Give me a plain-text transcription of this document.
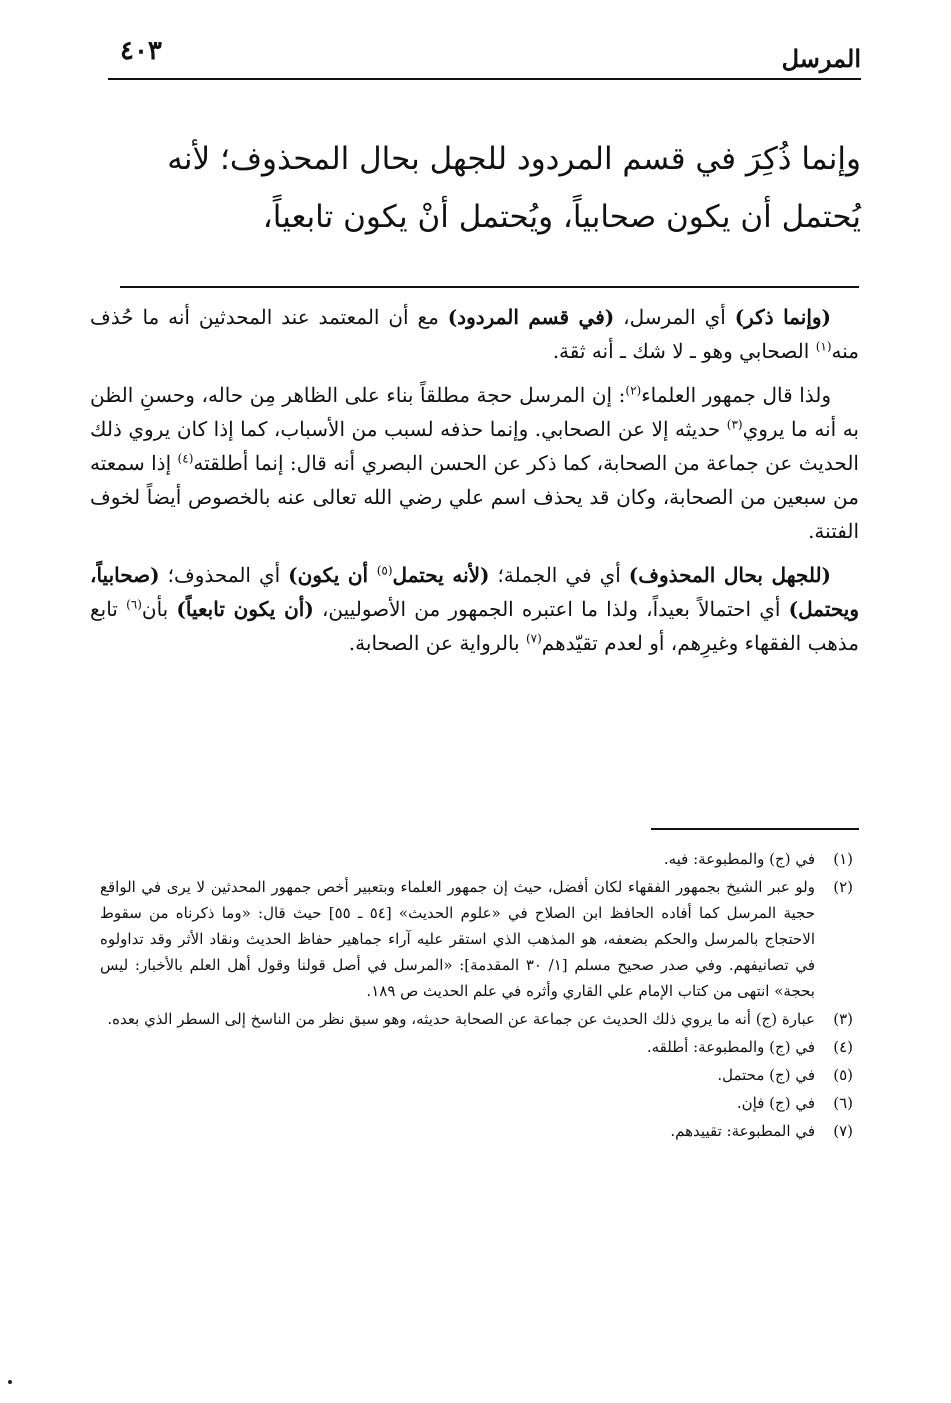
المرسل
٤٠٣

وإنما ذُكِرَ في قسم المردود للجهل بحال المحذوف؛ لأنه

يُحتمل أن يكون صحابياً، ويُحتمل أنْ يكون تابعياً،

(وإنما ذكر) أي المرسل، (في قسم المردود) مع أن المعتمد عند المحدثين أنه ما حُذف منه$^{(١)}$ الصحابي وهو ـ لا شك ـ أنه ثقة.

ولذا قال جمهور العلماء$^{(٢)}$: إن المرسل حجة مطلقاً بناء على الظاهر مِن حاله، وحسنِ الظن به أنه ما يروي$^{(٣)}$ حديثه إلا عن الصحابي. وإنما حذفه لسبب من الأسباب، كما إذا كان يروي ذلك الحديث عن جماعة من الصحابة، كما ذكر عن الحسن البصري أنه قال: إنما أطلقته$^{(٤)}$ إذا سمعته من سبعين من الصحابة، وكان قد يحذف اسم علي رضي الله تعالى عنه بالخصوص أيضاً لخوف الفتنة.

(للجهل بحال المحذوف) أي في الجملة؛ (لأنه يحتمل$^{(٥)}$ أن يكون) أي المحذوف؛ (صحابياً، ويحتمل) أي احتمالاً بعيداً، ولذا ما اعتبره الجمهور من الأصوليين، (أن يكون تابعياً) بأن$^{(٦)}$ تابع مذهب الفقهاء وغيرِهم، أو لعدم تقيّدهم$^{(٧)}$ بالرواية عن الصحابة.

(١)
في (ج) والمطبوعة: فيه.
(٢)
ولو عبر الشيخ بجمهور الفقهاء لكان أفضل، حيث إن جمهور العلماء وبتعبير أخص جمهور المحدثين لا يرى في الواقع حجية المرسل كما أفاده الحافظ ابن الصلاح في «علوم الحديث» [٥٤ ـ ٥٥] حيث قال: «وما ذكرناه من سقوط الاحتجاج بالمرسل والحكم بضعفه، هو المذهب الذي استقر عليه آراء جماهير حفاظ الحديث ونقاد الأثر وقد تداولوه في تصانيفهم. وفي صدر صحيح مسلم [١/ ٣٠ المقدمة]: «المرسل في أصل قولنا وقول أهل العلم بالأخبار: ليس بحجة» انتهى من كتاب الإمام علي القاري وأثره في علم الحديث ص ١٨٩.
(٣)
عبارة (ج) أنه ما يروي ذلك الحديث عن جماعة عن الصحابة حديثه، وهو سبق نظر من الناسخ إلى السطر الذي بعده.
(٤)
في (ج) والمطبوعة: أطلقه.
(٥)
في (ج) محتمل.
(٦)
في (ج) فإن.
(٧)
في المطبوعة: تقييدهم.
